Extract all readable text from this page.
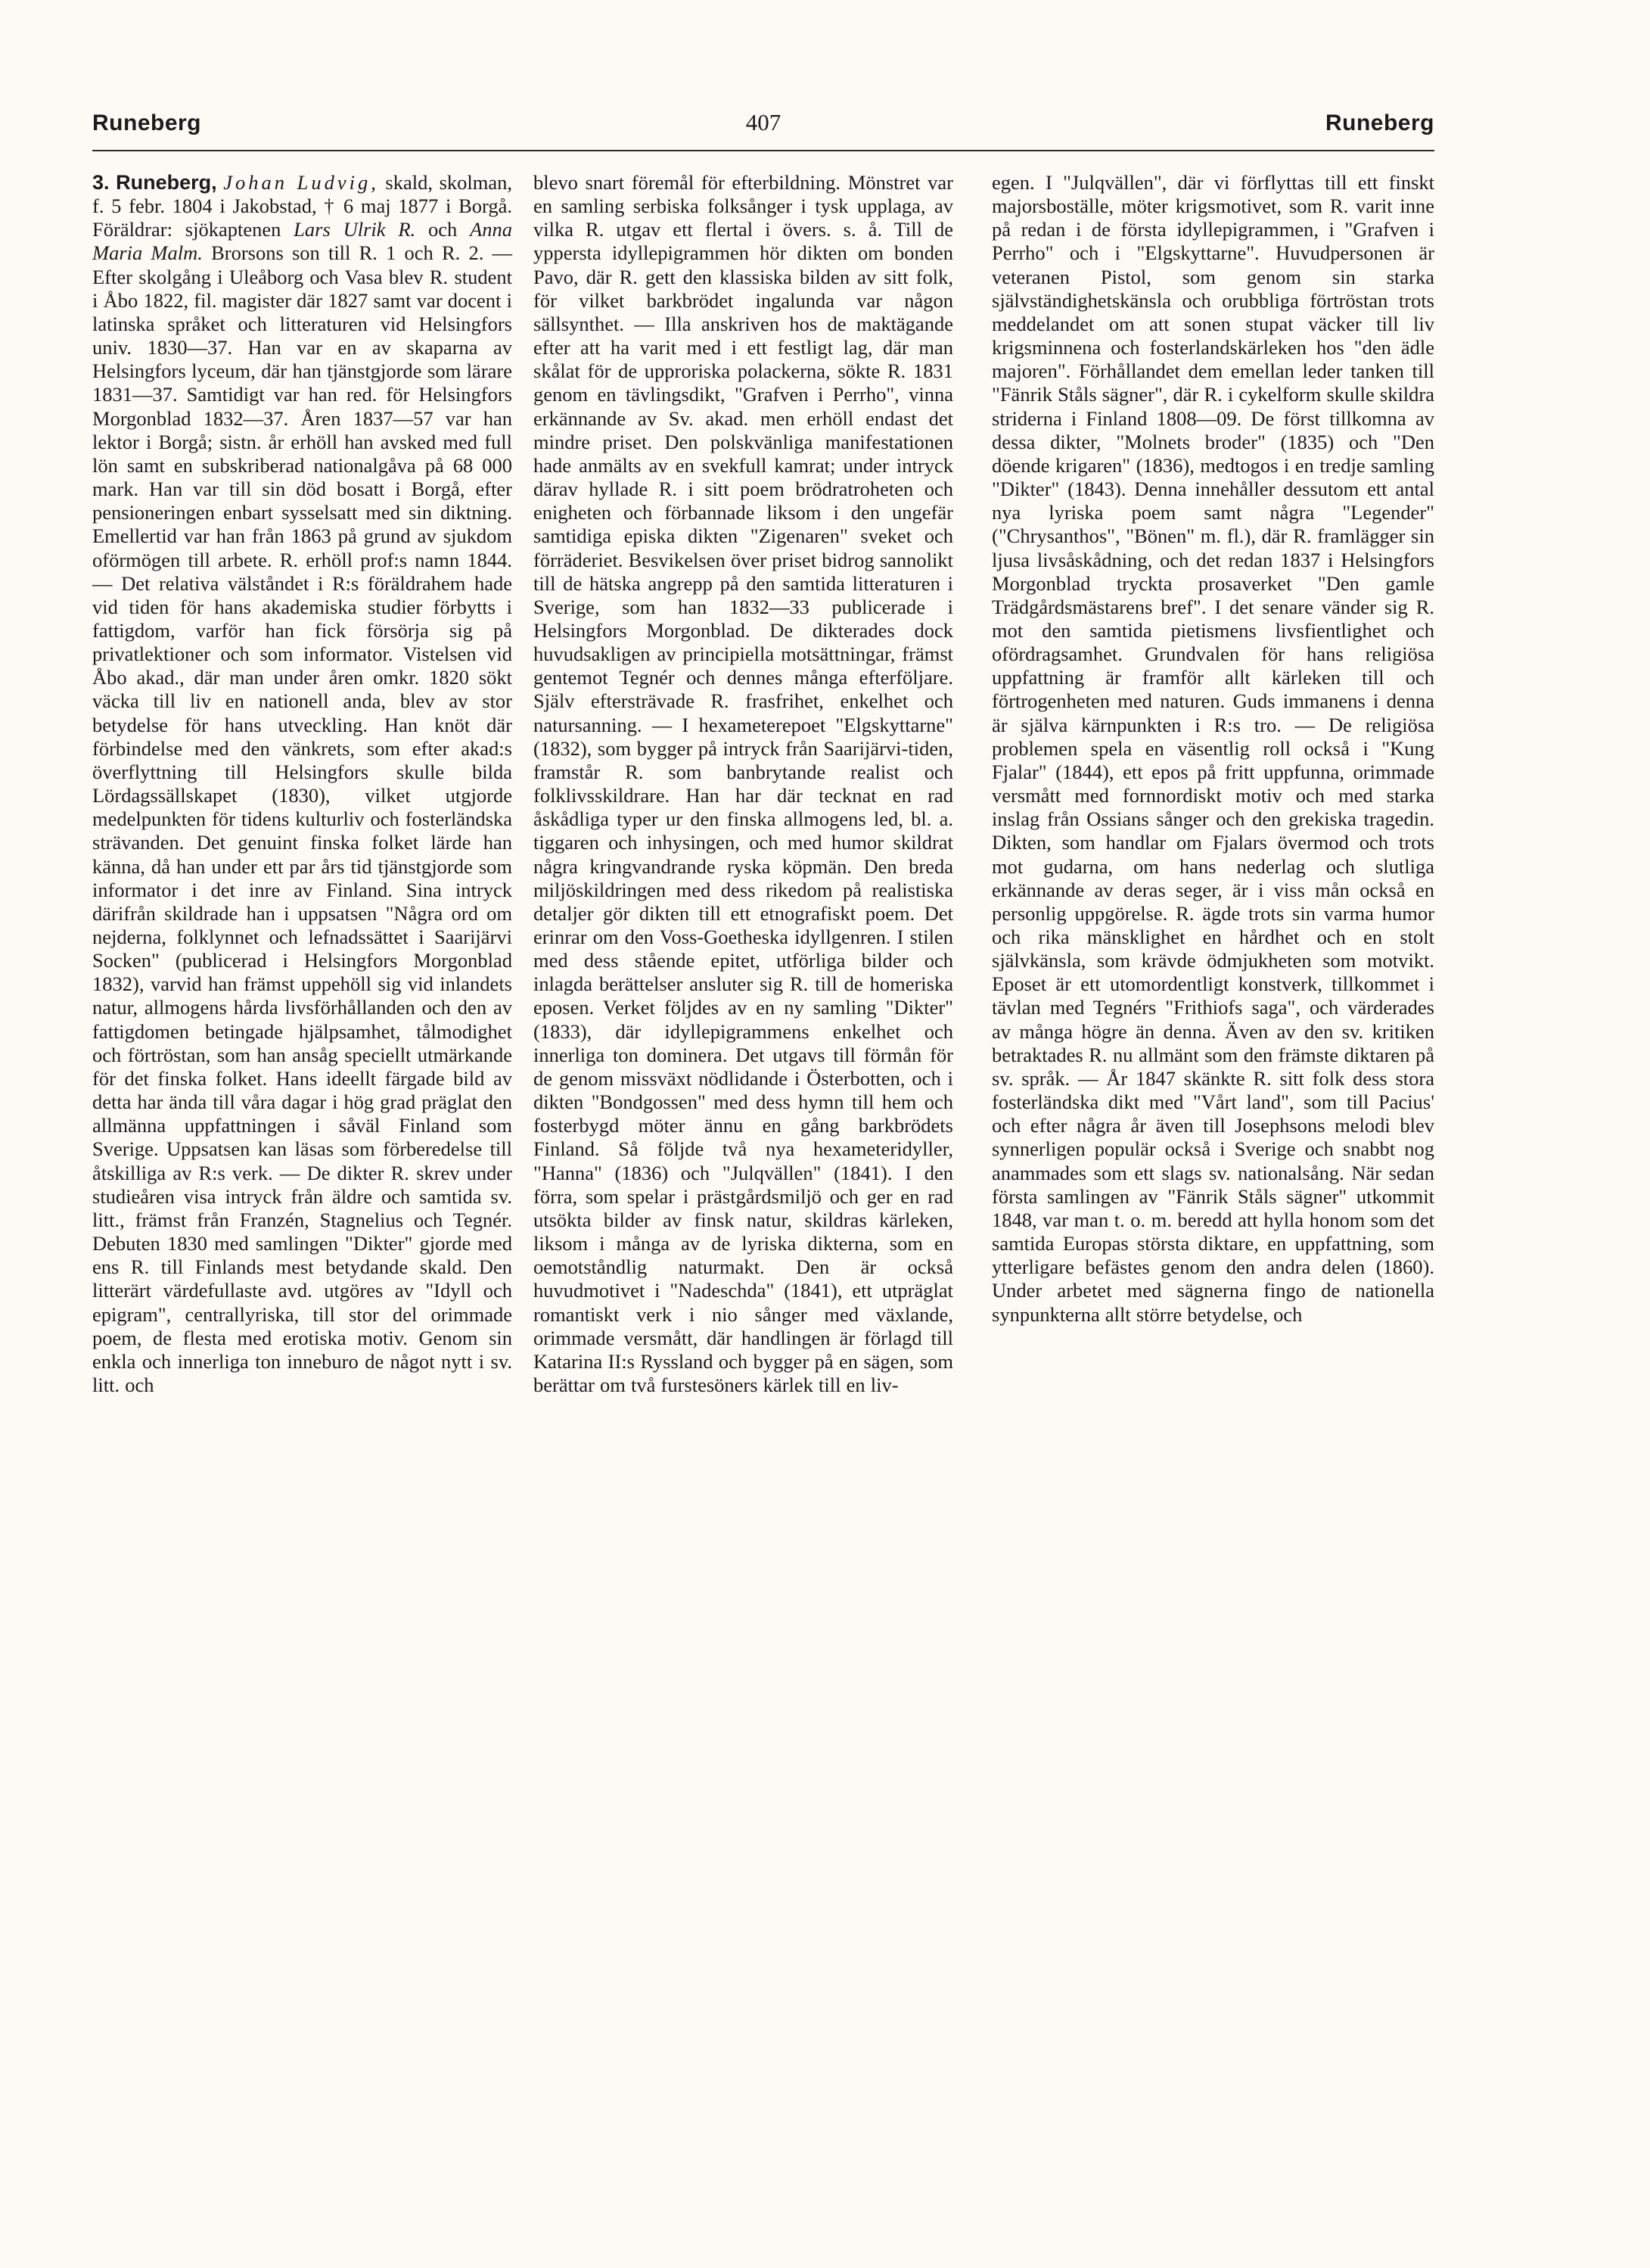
Runeberg	407	Runeberg
3. Runeberg, Johan Ludvig, skald, skolman, f. 5 febr. 1804 i Jakobstad, † 6 maj 1877 i Borgå. Föräldrar: sjökaptenen Lars Ulrik R. och Anna Maria Malm. Brorsons son till R. 1 och R. 2. — Efter skolgång i Uleåborg och Vasa blev R. student i Åbo 1822, fil. magister där 1827 samt var docent i latinska språket och litteraturen vid Helsingfors univ. 1830—37. Han var en av skaparna av Helsingfors lyceum, där han tjänstgjorde som lärare 1831—37. Samtidigt var han red. för Helsingfors Morgonblad 1832—37. Åren 1837—57 var han lektor i Borgå; sistn. år erhöll han avsked med full lön samt en subskriberad nationalgåva på 68 000 mark. Han var till sin död bosatt i Borgå, efter pensioneringen enbart sysselsatt med sin diktning. Emellertid var han från 1863 på grund av sjukdom oförmögen till arbete. R. erhöll prof:s namn 1844. — Det relativa välståndet i R:s föräldrahem hade vid tiden för hans akademiska studier förbytts i fattigdom, varför han fick försörja sig på privatlektioner och som informator. Vistelsen vid Åbo akad., där man under åren omkr. 1820 sökt väcka till liv en nationell anda, blev av stor betydelse för hans utveckling. Han knöt där förbindelse med den vänkrets, som efter akad:s överflyttning till Helsingfors skulle bilda Lördagssällskapet (1830), vilket utgjorde medelpunkten för tidens kulturliv och fosterländska strävanden. Det genuint finska folket lärde han känna, då han under ett par års tid tjänstgjorde som informator i det inre av Finland. Sina intryck därifrån skildrade han i uppsatsen "Några ord om nejderna, folklynnet och lefnadssättet i Saarijärvi Socken" (publicerad i Helsingfors Morgonblad 1832), varvid han främst uppehöll sig vid inlandets natur, allmogens hårda livsförhållanden och den av fattigdomen betingade hjälpsamhet, tålmodighet och förtröstan, som han ansåg speciellt utmärkande för det finska folket. Hans ideellt färgade bild av detta har ända till våra dagar i hög grad präglat den allmänna uppfattningen i såväl Finland som Sverige. Uppsatsen kan läsas som förberedelse till åtskilliga av R:s verk. — De dikter R. skrev under studieåren visa intryck från äldre och samtida sv. litt., främst från Franzén, Stagnelius och Tegnér. Debuten 1830 med samlingen "Dikter" gjorde med ens R. till Finlands mest betydande skald. Den litterärt värdefullaste avd. utgöres av "Idyll och epigram", centrallyriska, till stor del orimmade poem, de flesta med erotiska motiv. Genom sin enkla och innerliga ton inneburo de något nytt i sv. litt. och
blevo snart föremål för efterbildning. Mönstret var en samling serbiska folksånger i tysk upplaga, av vilka R. utgav ett flertal i övers. s. å. Till de yppersta idyllepigrammen hör dikten om bonden Pavo, där R. gett den klassiska bilden av sitt folk, för vilket barkbrödet ingalunda var någon sällsynthet. — Illa anskriven hos de maktägande efter att ha varit med i ett festligt lag, där man skålat för de upproriska polackerna, sökte R. 1831 genom en tävlingsdikt, "Grafven i Perrho", vinna erkännande av Sv. akad. men erhöll endast det mindre priset. Den polskvänliga manifestationen hade anmälts av en svekfull kamrat; under intryck därav hyllade R. i sitt poem brödratroheten och enigheten och förbannade liksom i den ungefär samtidiga episka dikten "Zigenaren" sveket och förräderiet. Besvikelsen över priset bidrog sannolikt till de hätska angrepp på den samtida litteraturen i Sverige, som han 1832—33 publicerade i Helsingfors Morgonblad. De dikterades dock huvudsakligen av principiella motsättningar, främst gentemot Tegnér och dennes många efterföljare. Själv eftersträvade R. frasfrihet, enkelhet och natursanning. — I hexameterepoet "Elgskyttarne" (1832), som bygger på intryck från Saarijärvi-tiden, framstår R. som banbrytande realist och folklivsskildrare. Han har där tecknat en rad åskådliga typer ur den finska allmogens led, bl. a. tiggaren och inhysingen, och med humor skildrat några kringvandrande ryska köpmän. Den breda miljöskildringen med dess rikedom på realistiska detaljer gör dikten till ett etnografiskt poem. Det erinrar om den Voss-Goetheska idyllgenren. I stilen med dess stående epitet, utförliga bilder och inlagda berättelser ansluter sig R. till de homeriska eposen. Verket följdes av en ny samling "Dikter" (1833), där idyllepigrammens enkelhet och innerliga ton dominera. Det utgavs till förmån för de genom missväxt nödlidande i Österbotten, och i dikten "Bondgossen" med dess hymn till hem och fosterbygd möter ännu en gång barkbrödets Finland. Så följde två nya hexameteridyller, "Hanna" (1836) och "Julqvällen" (1841). I den förra, som spelar i prästgårdsmiljö och ger en rad utsökta bilder av finsk natur, skildras kärleken, liksom i många av de lyriska dikterna, som en oemotståndlig naturmakt. Den är också huvudmotivet i "Nadeschda" (1841), ett utpräglat romantiskt verk i nio sånger med växlande, orimmade versmått, där handlingen är förlagd till Katarina II:s Ryssland och bygger på en sägen, som berättar om två furstesöners kärlek till en liv-
egen. I "Julqvällen", där vi förflyttas till ett finskt majorsboställe, möter krigsmotivet, som R. varit inne på redan i de första idyllepigrammen, i "Grafven i Perrho" och i "Elgskyttarne". Huvudpersonen är veteranen Pistol, som genom sin starka självständighetskänsla och orubbliga förtröstan trots meddelandet om att sonen stupat väcker till liv krigsminnena och fosterlandskärleken hos "den ädle majoren". Förhållandet dem emellan leder tanken till "Fänrik Ståls sägner", där R. i cykelform skulle skildra striderna i Finland 1808—09. De först tillkomna av dessa dikter, "Molnets broder" (1835) och "Den döende krigaren" (1836), medtogos i en tredje samling "Dikter" (1843). Denna innehåller dessutom ett antal nya lyriska poem samt några "Legender" ("Chrysanthos", "Bönen" m. fl.), där R. framlägger sin ljusa livsåskådning, och det redan 1837 i Helsingfors Morgonblad tryckta prosaverket "Den gamle Trädgårdsmästarens bref". I det senare vänder sig R. mot den samtida pietismens livsfientlighet och ofördragsamhet. Grundvalen för hans religiösa uppfattning är framför allt kärleken till och förtrogenheten med naturen. Guds immanens i denna är själva kärnpunkten i R:s tro. — De religiösa problemen spela en väsentlig roll också i "Kung Fjalar" (1844), ett epos på fritt uppfunna, orimmade versmått med fornnordiskt motiv och med starka inslag från Ossians sånger och den grekiska tragedin. Dikten, som handlar om Fjalars övermod och trots mot gudarna, om hans nederlag och slutliga erkännande av deras seger, är i viss mån också en personlig uppgörelse. R. ägde trots sin varma humor och rika mänsklighet en hårdhet och en stolt självkänsla, som krävde ödmjukheten som motvikt. Eposet är ett utomordentligt konstverk, tillkommet i tävlan med Tegnérs "Frithiofs saga", och värderades av många högre än denna. Även av den sv. kritiken betraktades R. nu allmänt som den främste diktaren på sv. språk. — År 1847 skänkte R. sitt folk dess stora fosterländska dikt med "Vårt land", som till Pacius' och efter några år även till Josephsons melodi blev synnerligen populär också i Sverige och snabbt nog anammades som ett slags sv. nationalsång. När sedan första samlingen av "Fänrik Ståls sägner" utkommit 1848, var man t. o. m. beredd att hylla honom som det samtida Europas största diktare, en uppfattning, som ytterligare befästes genom den andra delen (1860). Under arbetet med sägnerna fingo de nationella synpunkterna allt större betydelse, och
